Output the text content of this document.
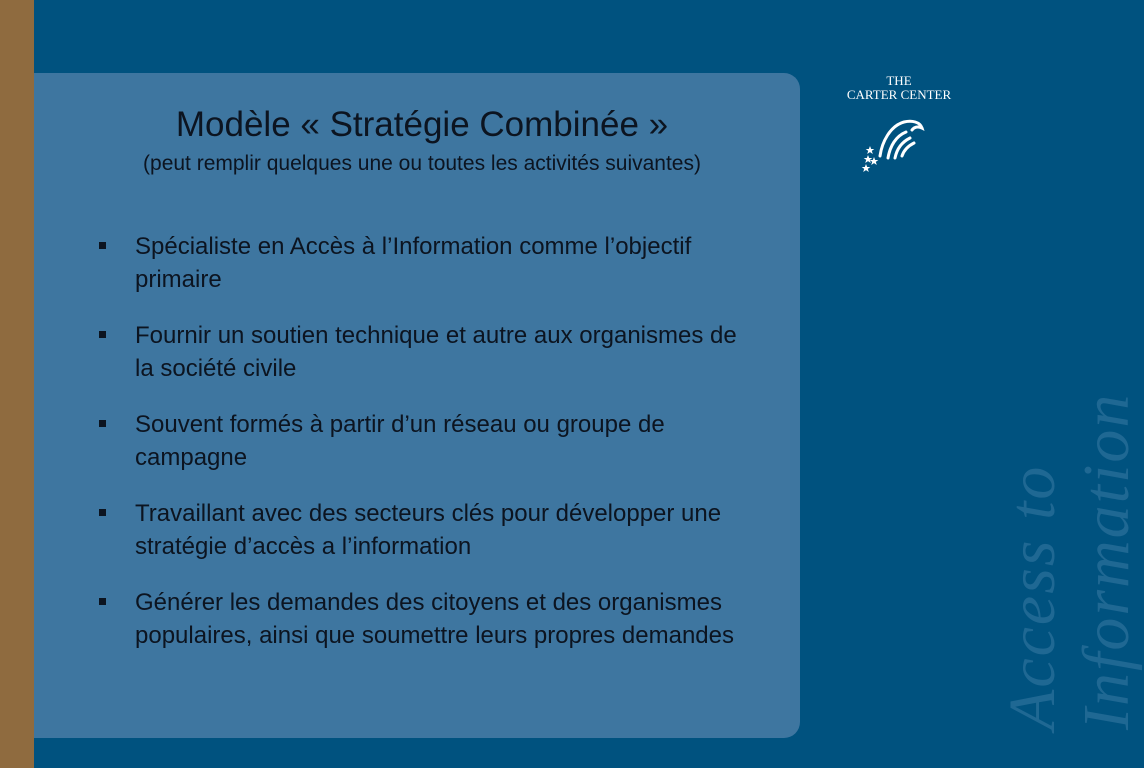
Modèle « Stratégie Combinée »
(peut remplir quelques une ou toutes les activités suivantes)
Spécialiste en Accès à l’Information comme l’objectif primaire
Fournir un soutien technique et autre aux organismes de la société civile
Souvent formés à partir d’un réseau ou groupe de campagne
Travaillant avec des secteurs clés pour développer une stratégie d’accès a l’information
Générer les demandes des citoyens et des organismes populaires, ainsi que soumettre leurs propres demandes
THE
CARTER CENTER
Access to Information
